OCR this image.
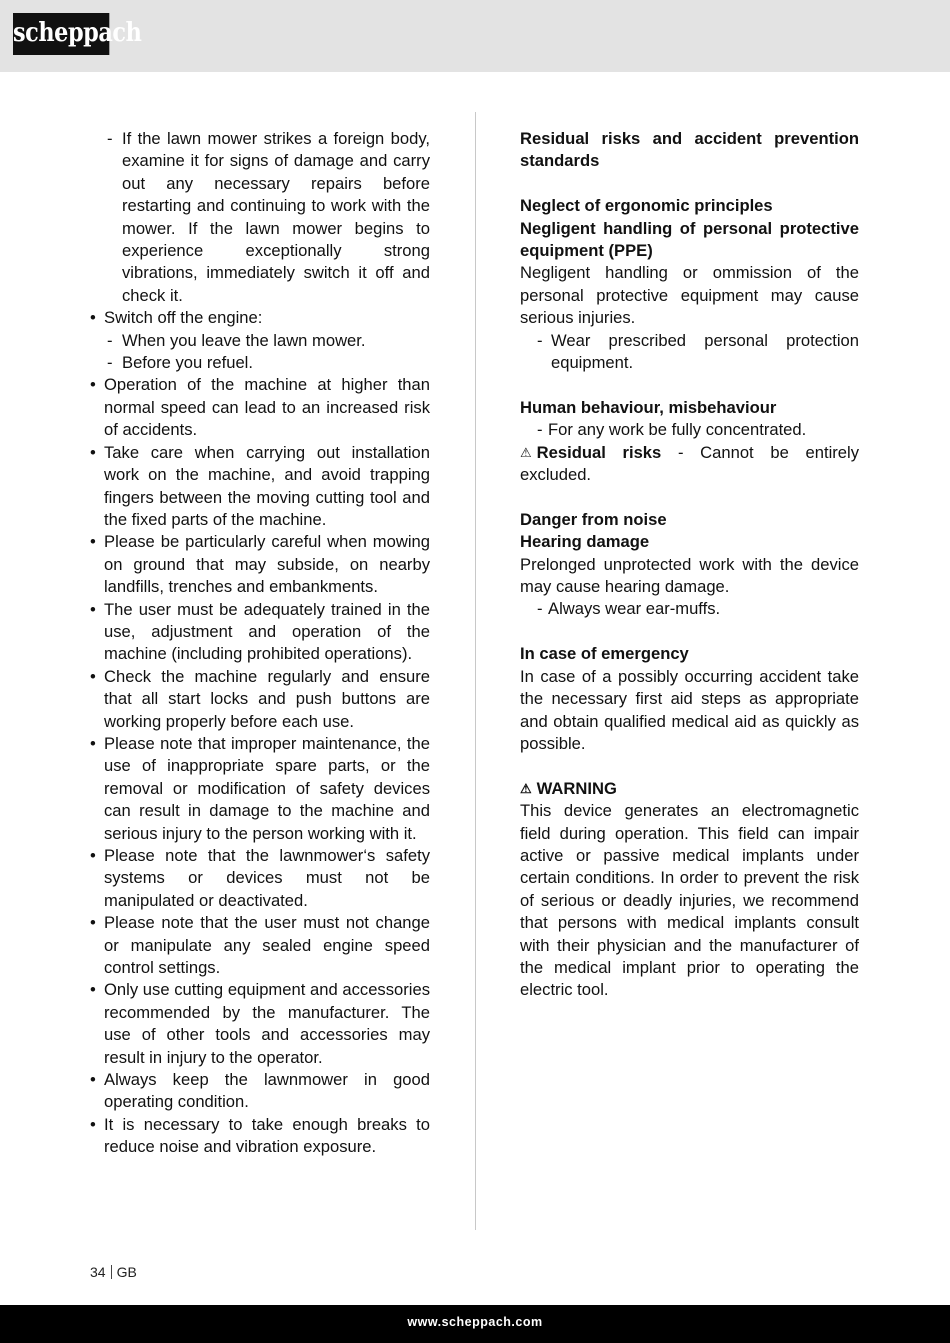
scheppach
- If the lawn mower strikes a foreign body, examine it for signs of damage and carry out any necessary repairs before restarting and continuing to work with the mower. If the lawn mower begins to experience exceptionally strong vibrations, immediately switch it off and check it.
• Switch off the engine:
- When you leave the lawn mower.
- Before you refuel.
• Operation of the machine at higher than normal speed can lead to an increased risk of accidents.
• Take care when carrying out installation work on the machine, and avoid trapping fingers between the moving cutting tool and the fixed parts of the machine.
• Please be particularly careful when mowing on ground that may subside, on nearby landfills, trenches and embankments.
• The user must be adequately trained in the use, adjustment and operation of the machine (including prohibited operations).
• Check the machine regularly and ensure that all start locks and push buttons are working properly before each use.
• Please note that improper maintenance, the use of inappropriate spare parts, or the removal or modification of safety devices can result in damage to the machine and serious injury to the person working with it.
• Please note that the lawnmower‘s safety systems or devices must not be manipulated or deactivated.
• Please note that the user must not change or manipulate any sealed engine speed control settings.
• Only use cutting equipment and accessories recommended by the manufacturer. The use of other tools and accessories may result in injury to the operator.
• Always keep the lawnmower in good operating condition.
• It is necessary to take enough breaks to reduce noise and vibration exposure.

Residual risks and accident prevention standards

Neglect of ergonomic principles

Negligent handling of personal protective equipment (PPE)

Negligent handling or ommission of the personal protective equipment may cause serious injuries.

- Wear prescribed personal protection equipment.

Human behaviour, misbehaviour

- For any work be fully concentrated.

⚠ Residual risks - Cannot be entirely excluded.

Danger from noise

Hearing damage

Prelonged unprotected work with the device may cause hearing damage.

- Always wear ear-muffs.

In case of emergency

In case of a possibly occurring accident take the necessary first aid steps as appropriate and obtain qualified medical aid as quickly as possible.

⚠ WARNING

This device generates an electromagnetic field during operation. This field can impair active or passive medical implants under certain conditions. In order to prevent the risk of serious or deadly injuries, we recommend that persons with medical implants consult with their physician and the manufacturer of the medical implant prior to operating the electric tool.

34 GB
www.scheppach.com
